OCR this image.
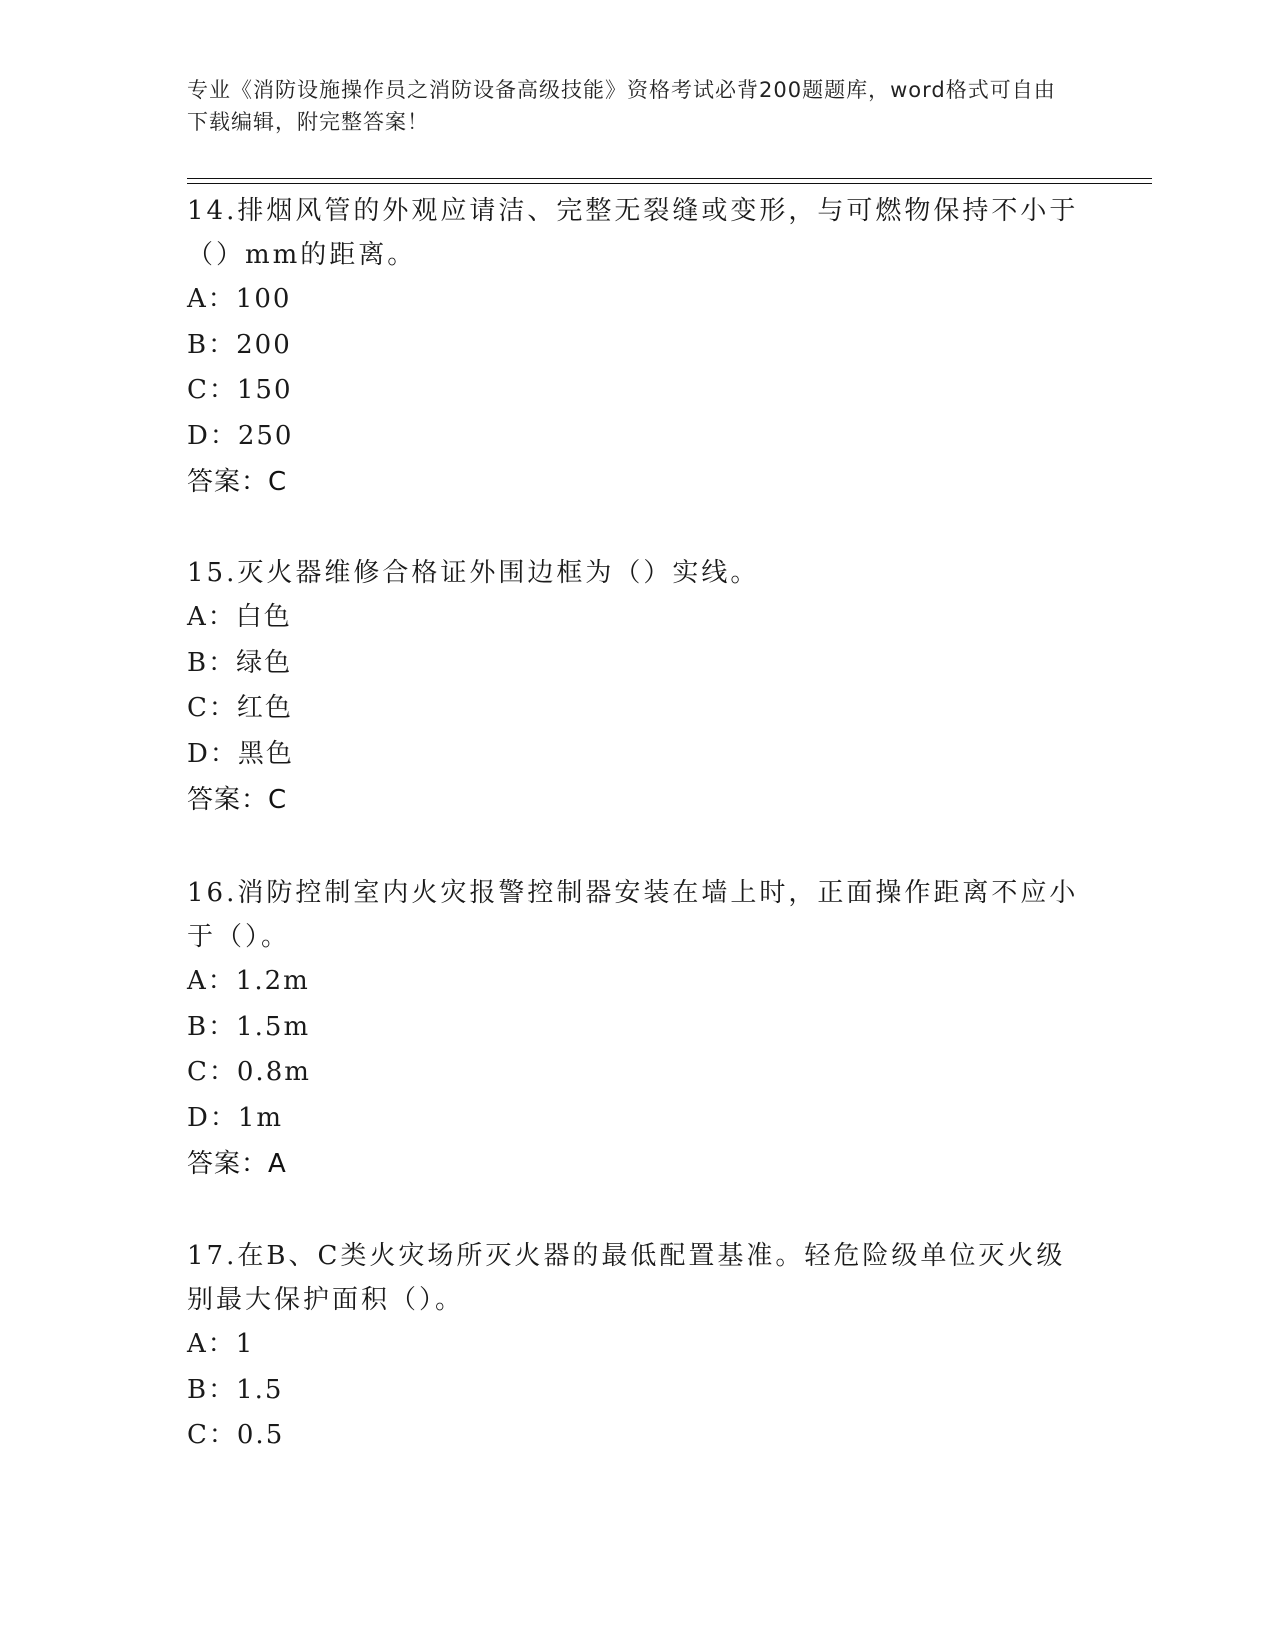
专业《消防设施操作员之消防设备高级技能》资格考试必背200题题库，word格式可自由下载编辑，附完整答案！

14.排烟风管的外观应请洁、完整无裂缝或变形，与可燃物保持不小于（）mm的距离。

A：100

B：200

C：150

D：250

答案：C

15.灭火器维修合格证外围边框为（）实线。

A：白色

B：绿色

C：红色

D：黑色

答案：C

16.消防控制室内火灾报警控制器安装在墙上时，正面操作距离不应小于（）。

A：1.2m

B：1.5m

C：0.8m

D：1m

答案：A

17.在B、C类火灾场所灭火器的最低配置基准。轻危险级单位灭火级别最大保护面积（）。

A：1

B：1.5

C：0.5
